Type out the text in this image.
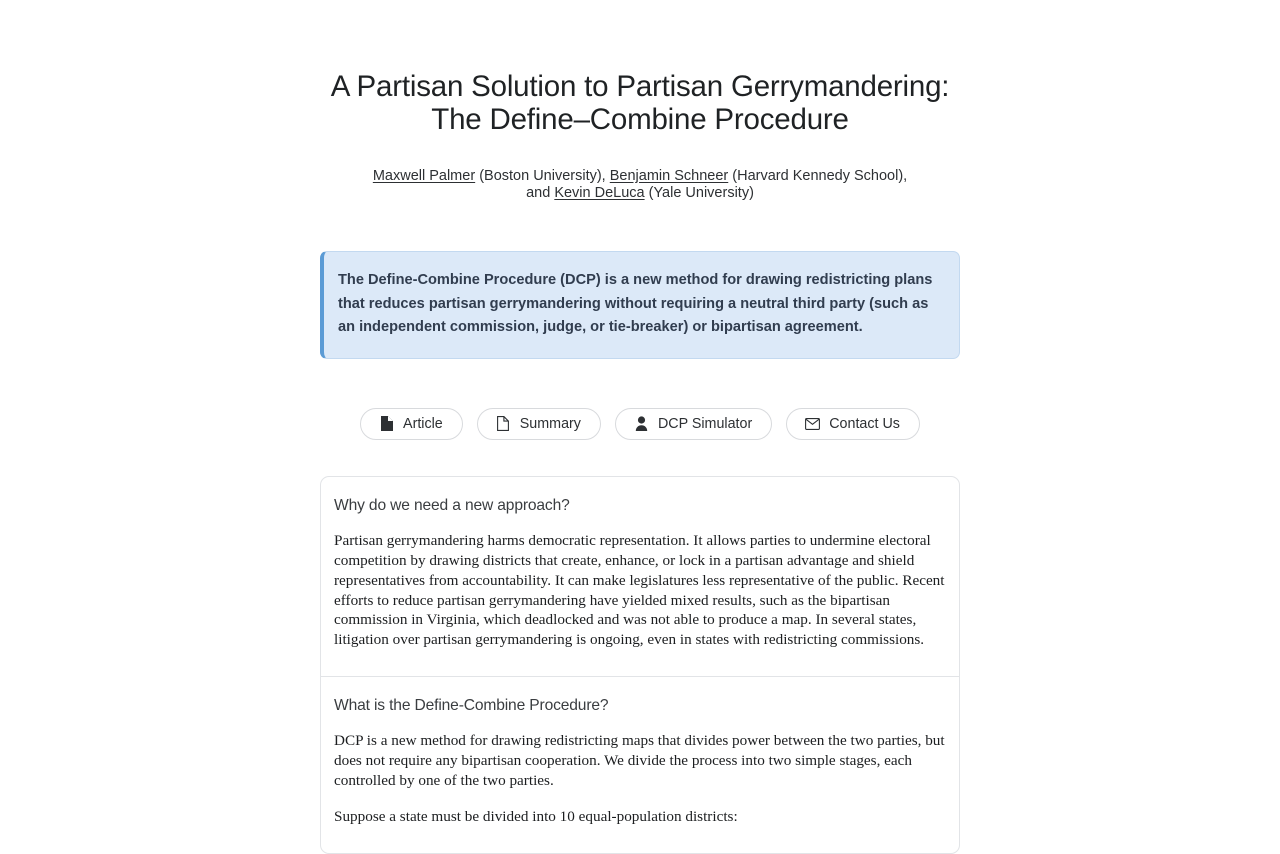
A Partisan Solution to Partisan Gerrymandering:
The Define–Combine Procedure
Maxwell Palmer (Boston University), Benjamin Schneer (Harvard Kennedy School),
and Kevin DeLuca (Yale University)

The Define-Combine Procedure (DCP) is a new method for drawing redistricting plans that reduces partisan gerrymandering without requiring a neutral third party (such as an independent commission, judge, or tie-breaker) or bipartisan agreement.

Article	Summary	DCP Simulator	Contact Us
Why do we need a new approach?

Partisan gerrymandering harms democratic representation. It allows parties to undermine electoral competition by drawing districts that create, enhance, or lock in a partisan advantage and shield representatives from accountability. It can make legislatures less representative of the public. Recent efforts to reduce partisan gerrymandering have yielded mixed results, such as the bipartisan commission in Virginia, which deadlocked and was not able to produce a map. In several states, litigation over partisan gerrymandering is ongoing, even in states with redistricting commissions.

What is the Define-Combine Procedure?

DCP is a new method for drawing redistricting maps that divides power between the two parties, but does not require any bipartisan cooperation. We divide the process into two simple stages, each controlled by one of the two parties.

Suppose a state must be divided into 10 equal-population districts:
